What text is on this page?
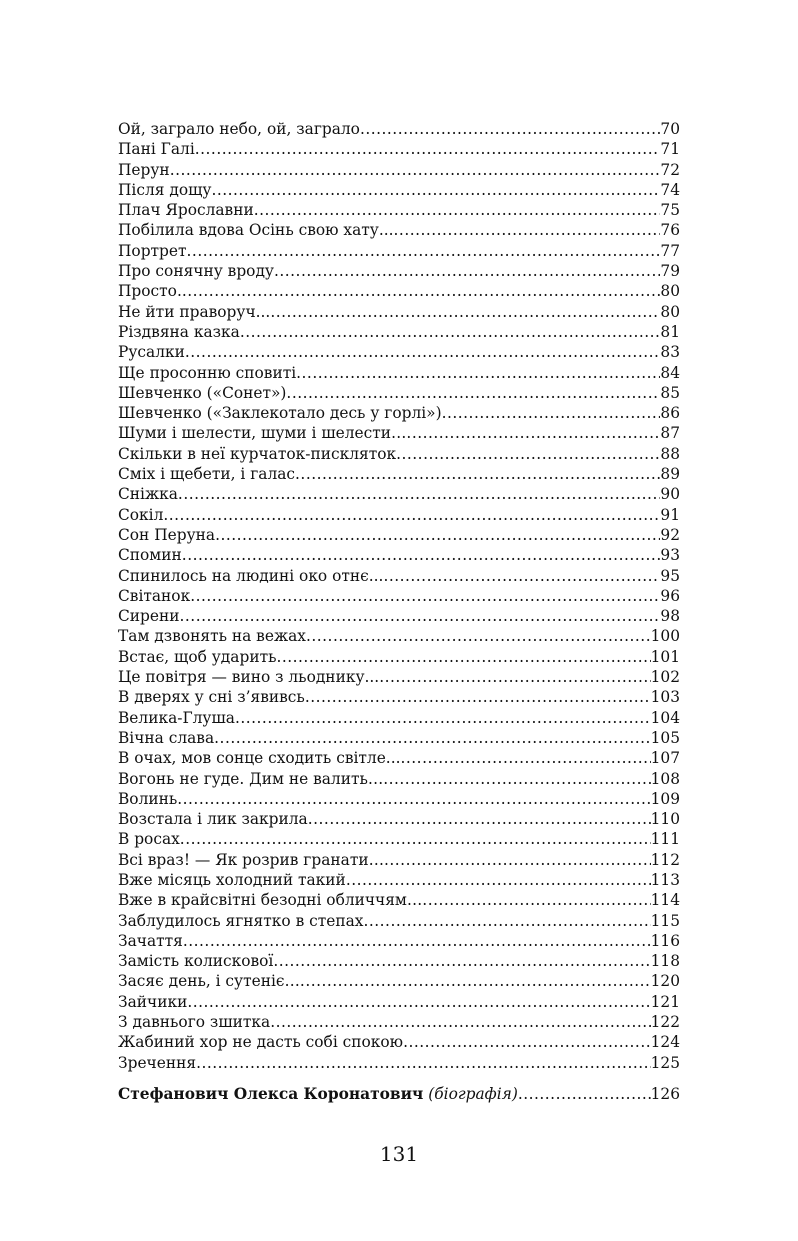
Ой, заграло небо, ой, заграло .....	70
Пані Галі .....	71
Перун .....	72
Після дощу .....	74
Плач Ярославни .....	75
Побілила вдова Осінь свою хату... .....	76
Портрет .....	77
Про сонячну вроду .....	79
Просто. .....	80
Не йти праворуч... .....	80
Різдвяна казка .....	81
Русалки .....	83
Ще просонню сповиті .....	84
Шевченко («Сонет») .....	85
Шевченко («Заклекотало десь у горлі») .....	86
Шуми і шелести, шуми і шелести… .....	87
Скільки в неї курчаток-пискляток .....	88
Сміх і щебети, і галас .....	89
Сніжка .....	90
Сокіл .....	91
Сон Перуна .....	92
Спомин .....	93
Спинилось на людині око отнє... .....	95
Світанок .....	96
Сирени .....	98
Там дзвонять на вежах .....	100
Встає, щоб ударить .....	101
Це повітря — вино з льоднику... .....	102
В дверях у сні з’явивсь .....	103
Велика-Глуша .....	104
Вічна слава .....	105
В очах, мов сонце сходить світле... .....	107
Вогонь не гуде. Дим не валить… .....	108
Волинь .....	109
Возстала і лик закрила .....	110
В росах .....	111
Всі враз! — Як розрив гранати… .....	112
Вже місяць холодний такий .....	113
Вже в крайсвітні безодні обличчям… .....	114
Заблудилось ягнятко в степах .....	115
Зачаття .....	116
Замість колискової .....	118
Засяє день, і сутеніє… .....	120
Зайчики .....	121
З давнього зшитка .....	122
Жабиний хор не дасть собі спокою .....	124
Зречення .....	125
Стефанович Олекса Коронатович (біографія) .....	126
131
